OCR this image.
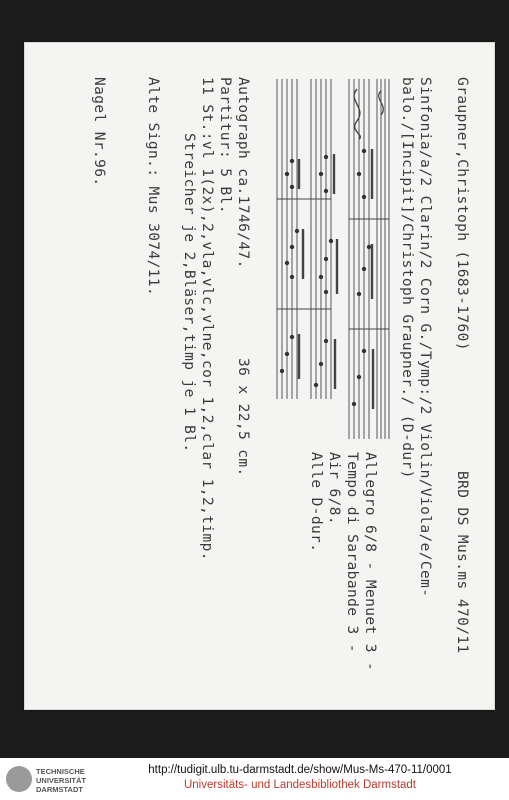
Graupner,Christoph (1683-1760)
BRD DS Mus.ms 470/11
Sinfonia/a/2 Clarin/2 Corn G./Tymp:/2 Violin/Viola/e/Cem-
balo./[Incipit]/Christoph Graupner./ (D-dur)
Allegro 6/8 - Menuet 3 -
Tempo di Sarabande 3 -
Air 6/8.
Alle D-dur.
Autograph ca.1746/47.
36 x 22,5 cm.
Partitur: 5 Bl.
11 St.:vl 1(2x),2,vla,vlc,vlne,cor 1,2,clar 1,2,timp.
Streicher je 2,Bläser,timp je 1 Bl.
Alte Sign.: Mus 3074/11.
Nagel Nr.96.
TECHNISCHE
UNIVERSITÄT
DARMSTADT
http://tudigit.ulb.tu-darmstadt.de/show/Mus-Ms-470-11/0001
Universitäts- und Landesbibliothek Darmstadt
